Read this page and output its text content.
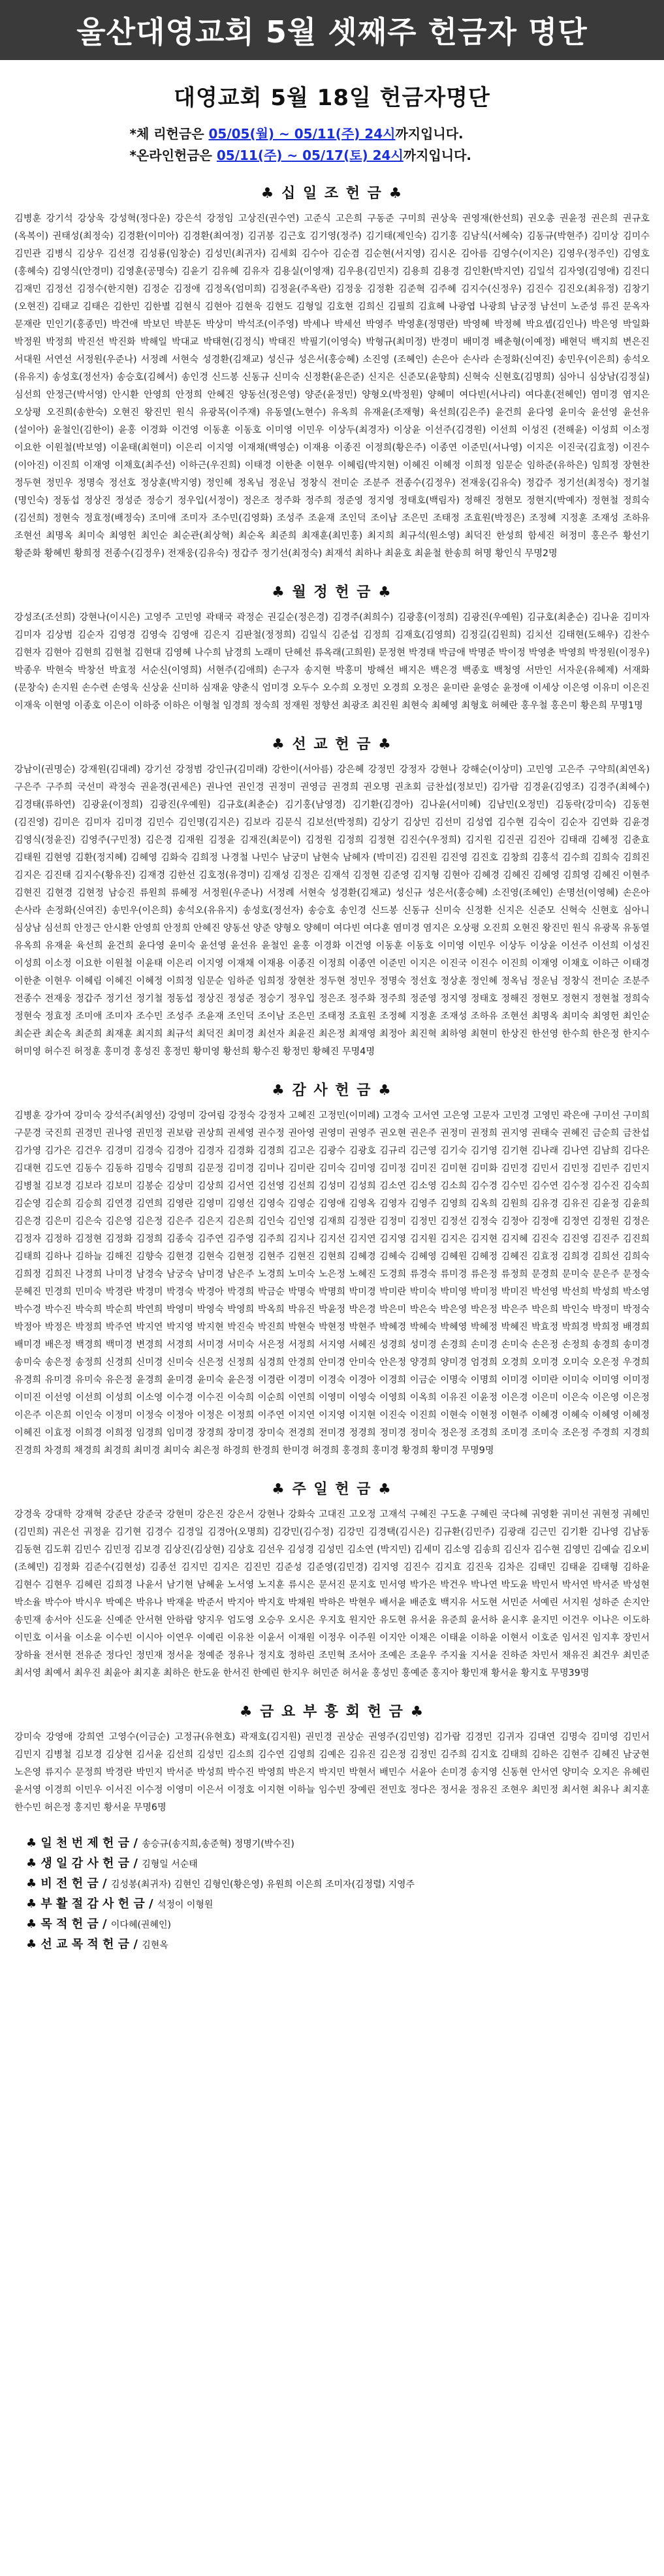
울산대영교회 5월 셋째주 헌금자 명단
대영교회 5월 18일 헌금자명단
*체 리헌금은 05/05(월) ~ 05/11(주) 24시까지입니다.
*온라인헌금은 05/11(주) ~ 05/17(토) 24시까지입니다.
♣ 십 일 조 헌 금 ♣
김병훈 강기석 강상욱 강성혁(정다운) 강은석 강정임 고상진(권수연) 고준식 고은희 구동준 구미희 권상욱 권영재(한선희) 권오총 권윤정 권은희 권규호(옥복이) 권태성(최정숙) 김경환(이미아) 김경환(최여정) 김귀봉 김근호 김기영(정주) 김기태(제인숙) 김기홍 김남식(서혜숙) 김동규(박현주) 김미상 김미수 김민관 김병식 김상우 김선경 김성룡(임창순) 김성민(최귀자) 김세회 김수아 김순겸 김순현(서지영) 김시온 김아름 김영수(이지은) 김영우(정주인) 김영호(홍혜숙) 김영식(안경미) 김영훈(공명숙) 김윤기 김유혜 김유자 김용실(이영재) 김우용(김민지) 김용희 김용경 김인환(박지연) 김일석 김자영(김영애) 김진디 김재민 김정선 김정수(한지현) 김정순 김정애 김정옥(엄미희) 김정윤(주옥란) 김정웅 김정환 김준혁 김주혜 김지수(신정우) 김진수 김진오(최유정) 김창기(오현진) 김태교 김태은 김한민 김한별 김현식 김현아 김현욱 김현도 김형일 김호현 김희신 김필희 김효혜 나광엽 나광희 남궁정 남선미 노준성 류진 문옥자 문재란 민인기(홍종민) 박건애 박보던 박분돈 박상미 박석조(이주영) 박세나 박세선 박영주 박영훈(정명란) 박영혜 박정혜 박요셉(김인나) 박은영 박일화 박정원 박정희 박진선 박진화 박해일 박대교 박태현(김정식) 박태진 박필기(이영숙) 박형규(최미정) 반경미 배미경 배춘형(이예정) 배현덕 백지희 변은진 서대원 서연선 서정원(우준나) 서정례 서현숙 성경환(김채교) 성신규 성은서(홍승혜) 소진영 (조혜인) 손은아 손사라 손정화(신여진) 송민우(이은희) 송석오(유유지) 송성호(정선자) 송승호(김혜서) 송인경 신드봉 신동규 신미숙 신정환(윤은준) 신지은 신준모(윤향희) 신혁숙 신현호(김명희) 심아니 심상남(김정실) 심선희 안정근(박서영) 안시환 안영희 안정희 안혜진 양동선(정은영) 양준(윤정민) 양형오(박정원) 양혜미 여다빈(서나리) 여다훈(전혜인) 염미경 염지은 오상평 오진희(송한숙) 오현진 왕진민 원식 유광목(이주재) 유동열(노현수) 유옥희 유재윤(조재형) 육선희(김은주) 윤건희 윤다영 윤미숙 윤선영 윤선유 (설이아) 윤철인(김한이) 윤홍 이경화 이건영 이동훈 이동호 이미영 이민우 이상두(최경자) 이상윤 이선주(김경원) 이선희 이성진 (전해윤) 이성희 이소정 이요한 이원철(박보영) 이윤태(최현미) 이은리 이지영 이재채(백영순) 이재용 이종진 이정희(황은주) 이종연 이준민(서나영) 이지은 이진국(김효정) 이진수(이아진) 이진희 이재영 이채호(최주선) 이하근(우진희) 이태경 이한춘 이현우 이혜림(박지현) 이혜진 이혜정 이희정 임문순 임하준(유하은) 임희정 장현찬 정두현 정민우 정명숙 정선호 정상훈(박지영) 정인혜 정옥님 정운님 정창식 전미순 조분주 전종수(김정우) 전재웅(김유숙) 정갑주 정기선(최정숙) 정기철(명인숙) 정동섭 정상진 정성준 정승기 정우입(서정이) 정은조 정주화 정주희 정준영 정지영 정태호(백림자) 정해진 정현모 정현지(박예자) 정현철 정희숙(김선희) 정현숙 정효정(배정숙) 조미애 조미자 조수민(김영화) 조성주 조윤재 조인덕 조이남 조은민 조태정 조효원(박정은) 조정혜 지정훈 조재성 조하유 조현선 최명옥 최미숙 최영헌 최인순 최순관(최상혁) 최순옥 최준희 최재훈(최민홍) 최지희 최규석(원소영) 최덕진 한성희 함세진 허정미 홍은주 황선기 황준화 황혜빈 황희정 전종수(김정우) 전재웅(김유숙) 정갑주 정기선(최정숙) 최재석 최하나 최윤호 최윤철 한송희 허명 황인식 무명2명
♣ 월 정 헌 금 ♣
강성조(조선희) 강현나(이시은) 고영주 고민영 곽태국 곽정순 권길순(정은경) 김경주(최희수) 김광홍(이정희) 김광진(우예원) 김규호(최춘순) 김나윤 김미자 김미자 김상범 김순자 김영경 김영숙 김영애 김은지 김판철(정정희) 김일식 김준섭 김정희 김재호(김영희) 김정길(김원희) 김치선 김태현(도해우) 김찬수 김현자 김현아 김현희 김현철 김현대 김영혜 나수희 남경희 노래미 단혜선 류옥래(고희원) 문정현 박경태 박금애 박명준 박이정 박영춘 박영희 박정원(이정우) 박종우 박현숙 박창선 박효정 서순신(이영희) 서현주(김애희) 손구자 송지현 박홍미 방해선 배지은 백은경 백종호 백청영 서만인 서자운(유혜제) 서재화(문창숙) 손지원 손수련 손영욱 신상윤 신미하 심재윤 양춘식 엄미경 오두수 오수희 오정민 오경희 오정은 윤미란 윤영순 윤정애 이세상 이은영 이유미 이은진 이재욱 이현영 이종호 이은이 이하중 이하은 이형철 임경희 정숙희 정재원 정향선 최광조 최진원 최현숙 최혜영 최형호 허혜란 홍우철 홍은미 황은희 무명1명
♣ 선 교 헌 금 ♣
강남이(권명순) 강재원(김대례) 강기선 강정범 강인규(김미래) 강한이(서아름) 강은혜 강정민 강정자 강현나 강해순(이상미) 고민영 고은주 구약희(최연옥) 구은주 구주희 국선미 곽정숙 권윤경(권세은) 권나연 권인경 권정미 권영금 권경희 권오명 권초회 금찬섭(정보민) 김가람 김경윤(김영조) 김경주(최혜수) 김경태(류하연) 김광윤(이정희) 김광진(우예원) 김규호(최춘순) 김기홍(남영경) 김기환(김경아) 김나윤(서미혜) 김남민(오정민) 김동락(강미숙) 김동현(김진영) 김미은 김미자 김미경 김민수 김인명(김지은) 김보라 김문식 김보선(박정희) 김상기 김상민 김선미 김성엽 김수현 김숙이 김순자 김연화 김윤경 김영식(정윤진) 김영주(구민정) 김은경 김재원 김정윤 김재진(최문이) 김정원 김정희 김정현 김진수(우정희) 김지원 김진권 김진아 김태래 김혜정 김춘효 김태원 김현영 김환(정지혜) 김혜영 김화숙 김희정 나경철 나민수 남궁미 남현숙 남혜자 (박미진) 김진원 김진영 김진호 김창희 김홍석 김수희 김희숙 김희진 김지은 김진태 김지수(황유진) 김재경 김한선 김호정(유경미) 김재성 김정은 김재석 김정현 김준영 김지형 김현아 김혜경 김혜진 김혜영 김희영 김혜진 이현주 김현진 김현경 김현정 남승진 류원희 류혜정 서정원(우준나) 서정례 서현숙 성경환(김채교) 성신규 성은서(홍승혜) 소진영(조혜인) 손명선(이영혜) 손은아 손사라 손정화(신여진) 송민우(이은희) 송석오(유유지) 송성호(정선자) 송승호 송인경 신드봉 신동규 신미숙 신정환 신지은 신준모 신혁숙 신현호 심아니 심상남 심선희 안정근 안시환 안영희 안정희 안혜진 양동선 양준 양형오 양혜미 여다빈 여다훈 염미경 염지은 오상평 오진희 오현진 왕진민 원식 유광목 유동열 유옥희 유재윤 육선희 윤건희 윤다영 윤미숙 윤선영 윤선유 윤철인 윤홍 이경화 이건영 이동훈 이동호 이미영 이민우 이상두 이상윤 이선주 이선희 이성진 이성희 이소정 이요한 이원철 이윤태 이은리 이지영 이재채 이재용 이종진 이정희 이종연 이준민 이지은 이진국 이진수 이진희 이재영 이채호 이하근 이태경 이한춘 이현우 이혜림 이혜진 이혜정 이희정 임문순 임하준 임희정 장현찬 정두현 정민우 정명숙 정선호 정상훈 정인혜 정옥님 정운님 정창식 전미순 조분주 전종수 전재웅 정갑주 정기선 정기철 정동섭 정상진 정성준 정승기 정우입 정은조 정주화 정주희 정준영 정지영 정태호 정해진 정현모 정현지 정현철 정희숙 정현숙 정효정 조미애 조미자 조수민 조성주 조윤재 조인덕 조이남 조은민 조태정 조효원 조정혜 지정훈 조재성 조하유 조현선 최명옥 최미숙 최영헌 최인순 최순관 최순옥 최준희 최재훈 최지희 최규석 최덕진 최미경 최선자 최윤진 최은정 최재영 최정아 최진혁 최하영 최현미 한상진 한선영 한수희 한은정 한지수 허미영 허수진 허정훈 홍미경 홍성진 홍정민 황미영 황선희 황수진 황정민 황혜진 무명4명
♣ 감 사 헌 금 ♣
김병훈 강가여 강미숙 강석주(최영선) 강영미 강여림 강정숙 강정자 고혜진 고정민(이미례) 고경숙 고서연 고은영 고문자 고민경 고영민 곽은애 구미선 구미희 구문경 국진희 권경민 권나영 권민정 권보람 권상희 권세영 권수정 권아영 권영미 권영주 권오현 권은주 권정미 권정희 권지영 권태숙 권혜진 금순희 금찬섭 김가영 김가은 김건우 김경미 김경숙 김경아 김경자 김경화 김경희 김고은 김광수 김광호 김규리 김근영 김기숙 김기영 김기현 김나래 김나연 김남희 김다은 김대현 김도연 김동수 김동하 김명숙 김명희 김문정 김미경 김미나 김미란 김미숙 김미영 김미정 김미진 김미현 김미화 김민경 김민서 김민정 김민주 김민지 김병철 김보경 김보라 김보미 김봉순 김상미 김상희 김서연 김선영 김선희 김성미 김성희 김소연 김소영 김소희 김수경 김수민 김수연 김수정 김수진 김숙희 김순영 김순희 김승희 김연경 김연희 김영란 김영미 김영선 김영숙 김영순 김영애 김영옥 김영자 김영주 김영희 김옥희 김원희 김유경 김유진 김윤정 김윤희 김은경 김은미 김은숙 김은영 김은정 김은주 김은지 김은희 김인숙 김인영 김재희 김정란 김정미 김정민 김정선 김정숙 김정아 김정애 김정연 김정원 김정은 김정자 김정하 김정현 김정화 김정희 김종숙 김주연 김주영 김주희 김지나 김지선 김지연 김지영 김지원 김지은 김지현 김지혜 김진숙 김진영 김진주 김진희 김태희 김하나 김하늘 김해진 김향숙 김현경 김현숙 김현정 김현주 김현진 김현희 김혜경 김혜숙 김혜영 김혜원 김혜정 김혜진 김효정 김희경 김희선 김희숙 김희정 김희진 나경희 나미경 남경숙 남궁숙 남미경 남은주 노경희 노미숙 노은정 노혜진 도경희 류경숙 류미경 류은정 류정희 문경희 문미숙 문은주 문정숙 문혜진 민경희 민미숙 박경란 박경미 박경숙 박경아 박경희 박금순 박명숙 박명희 박미경 박미란 박미숙 박미영 박미정 박미진 박선영 박선희 박성희 박소영 박수경 박수진 박숙희 박순희 박연희 박영미 박영숙 박영희 박옥희 박유진 박윤정 박은경 박은미 박은숙 박은영 박은정 박은주 박은희 박인숙 박정미 박정숙 박정아 박정은 박정희 박주연 박지연 박지영 박지현 박진숙 박진희 박현숙 박현정 박현주 박혜경 박혜숙 박혜영 박혜정 박혜진 박효정 박희경 박희정 배경희 배미경 배은정 백경희 백미경 변경희 서경희 서미경 서미숙 서은정 서정희 서지영 서혜진 성경희 성미경 손경희 손미경 손미숙 손은정 손정희 송경희 송미경 송미숙 송은정 송정희 신경희 신미경 신미숙 신은정 신정희 심경희 안경희 안미경 안미숙 안은정 양경희 양미경 엄경희 오경희 오미경 오미숙 오은정 우경희 유경희 유미경 유미숙 유은정 윤경희 윤미경 윤미숙 윤은정 이경란 이경미 이경숙 이경아 이경희 이금순 이명숙 이명희 이미경 이미란 이미숙 이미영 이미정 이미진 이선영 이선희 이성희 이소영 이수경 이수진 이숙희 이순희 이연희 이영미 이영숙 이영희 이옥희 이유진 이윤정 이은경 이은미 이은숙 이은영 이은정 이은주 이은희 이인숙 이정미 이정숙 이정아 이정은 이정희 이주연 이지연 이지영 이지현 이진숙 이진희 이현숙 이현정 이현주 이혜경 이혜숙 이혜영 이혜정 이혜진 이효정 이희경 이희정 임경희 임미경 장경희 장미경 장미숙 전경희 전미경 정경희 정미경 정미숙 정은정 조경희 조미경 조미숙 조은정 주경희 지경희 진경희 차경희 채경희 최경희 최미경 최미숙 최은정 하경희 한경희 한미경 허경희 홍경희 홍미경 황경희 황미경 무명9명
♣ 주 일 헌 금 ♣
강경욱 강대학 강재혁 강준단 강준국 강현미 강은진 강은서 강현나 강화숙 고대진 고오정 고재석 구혜진 구도훈 구혜린 국다혜 궈영환 궈미선 궈현정 궈혜민(김민희) 궈은선 궈정윤 김기현 김경수 김경일 김경아(오명희) 김강민(김수정) 김강민 김경택(김시은) 김규환(김민주) 김광래 김근민 김기환 김나영 김남동 김동현 김도휘 김민수 김민정 김보경 김상진(김상현) 김상호 김선우 김성경 김성민 김소연 (박지민) 김세미 김소영 김송희 김신자 김수현 김영민 김예슬 김오비(조혜민) 김정화 김준수(김현성) 김종선 김지민 김지은 김진민 김준성 김준영(김민경) 김지영 김진수 김지효 김진욱 김차은 김태민 김태윤 김태형 김하윤 김현수 김현우 김혜린 김희경 나윤서 남기현 남혜윤 노서영 노지훈 류시은 문서진 문지호 민서영 박가은 박건우 박나연 박도윤 박민서 박서연 박서준 박성현 박소율 박수아 박시우 박예은 박유나 박재윤 박준서 박지아 박지호 박채원 박하은 박현우 배서윤 배준호 백지유 서도현 서민준 서예린 서지원 성하준 손지안 송민재 송서아 신도윤 신예준 안서현 안하람 양지우 엄도영 오승우 오시은 우지호 원지안 유도현 유서윤 유준희 윤서하 윤시후 윤지민 이건우 이나은 이도하 이민호 이서율 이소윤 이수빈 이시아 이연우 이예린 이유찬 이윤서 이재원 이정우 이주원 이지안 이채은 이태윤 이하윤 이현서 이호준 임서진 임지후 장민서 장하율 전서현 전유준 정다인 정민재 정서윤 정예준 정유나 정지호 정하린 조민혁 조서아 조예은 조윤우 주지율 지서윤 진하준 차민서 채유진 최건우 최민준 최서영 최예서 최우진 최윤아 최지훈 최하은 한도윤 한서진 한예린 한지우 허민준 허서윤 홍성민 홍예준 홍지아 황민재 황서윤 황지호 무명39명
♣ 금 요 부 흥 회 헌 금 ♣
강미숙 강영애 강희연 고영수(이금순) 고정규(유현호) 곽재호(김지원) 권민경 권상순 권영주(김민영) 김가람 김경민 김귀자 김대연 김명숙 김미영 김민서 김민지 김병철 김보경 김상현 김서윤 김선희 김성민 김소희 김수연 김영희 김예은 김유진 김은정 김정민 김주희 김지호 김태희 김하은 김현주 김혜진 남궁현 노은영 류지수 문정희 박경란 박민지 박서준 박성희 박수진 박영희 박은지 박지민 박현서 배민수 서윤아 손미경 송지영 신동현 안서연 양미숙 오지은 유혜린 윤서영 이경희 이민우 이서진 이수정 이영미 이은서 이정호 이지현 이하늘 임수빈 장예린 전민호 정다은 정서윤 정유진 조현우 최민정 최서현 최유나 최지훈 한수민 허은정 홍지민 황서윤 무명6명
♣ 일 천 번 제 헌 금 / 송승규(송지희,송준혁) 정명기(박수진)
♣ 생 일 감 사 헌 금 / 김형일 서순태
♣ 비 전 헌 금 / 김성봉(최귀자) 김현인 김형인(황은영) 유원희 이은희 조미자(김정렬) 지영주
♣ 부 활 절 감 사 헌 금 / 석정이 이형원
♣ 목 적 헌 금 / 이다혜(권혜인)
♣ 선 교 목 적 헌 금 / 김현옥
